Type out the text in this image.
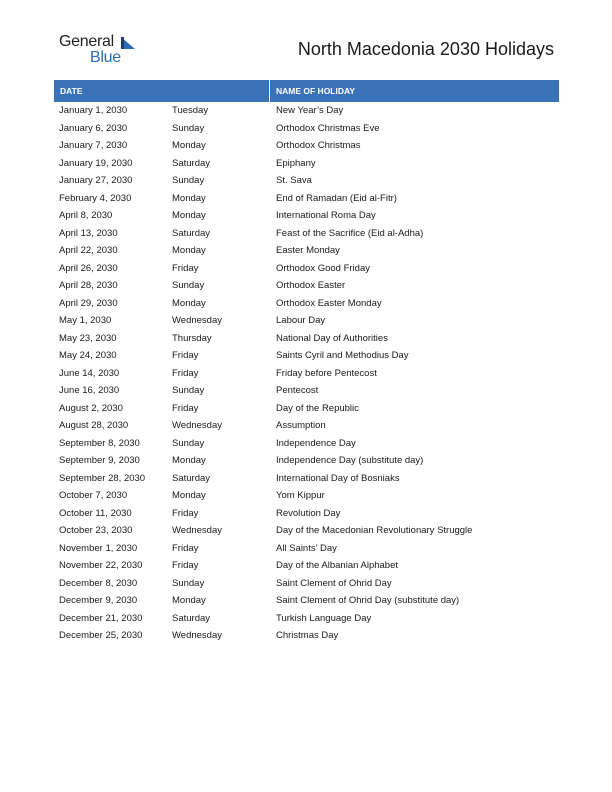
General
Blue	North Macedonia 2030 Holidays
DATE	NAME OF HOLIDAY
January 1, 2030	Tuesday	New Year’s Day
January 6, 2030	Sunday	Orthodox Christmas Eve
January 7, 2030	Monday	Orthodox Christmas
January 19, 2030	Saturday	Epiphany
January 27, 2030	Sunday	St. Sava
February 4, 2030	Monday	End of Ramadan (Eid al-Fitr)
April 8, 2030	Monday	International Roma Day
April 13, 2030	Saturday	Feast of the Sacrifice (Eid al-Adha)
April 22, 2030	Monday	Easter Monday
April 26, 2030	Friday	Orthodox Good Friday
April 28, 2030	Sunday	Orthodox Easter
April 29, 2030	Monday	Orthodox Easter Monday
May 1, 2030	Wednesday	Labour Day
May 23, 2030	Thursday	National Day of Authorities
May 24, 2030	Friday	Saints Cyril and Methodius Day
June 14, 2030	Friday	Friday before Pentecost
June 16, 2030	Sunday	Pentecost
August 2, 2030	Friday	Day of the Republic
August 28, 2030	Wednesday	Assumption
September 8, 2030	Sunday	Independence Day
September 9, 2030	Monday	Independence Day (substitute day)
September 28, 2030	Saturday	International Day of Bosniaks
October 7, 2030	Monday	Yom Kippur
October 11, 2030	Friday	Revolution Day
October 23, 2030	Wednesday	Day of the Macedonian Revolutionary Struggle
November 1, 2030	Friday	All Saints’ Day
November 22, 2030	Friday	Day of the Albanian Alphabet
December 8, 2030	Sunday	Saint Clement of Ohrid Day
December 9, 2030	Monday	Saint Clement of Ohrid Day (substitute day)
December 21, 2030	Saturday	Turkish Language Day
December 25, 2030	Wednesday	Christmas Day
